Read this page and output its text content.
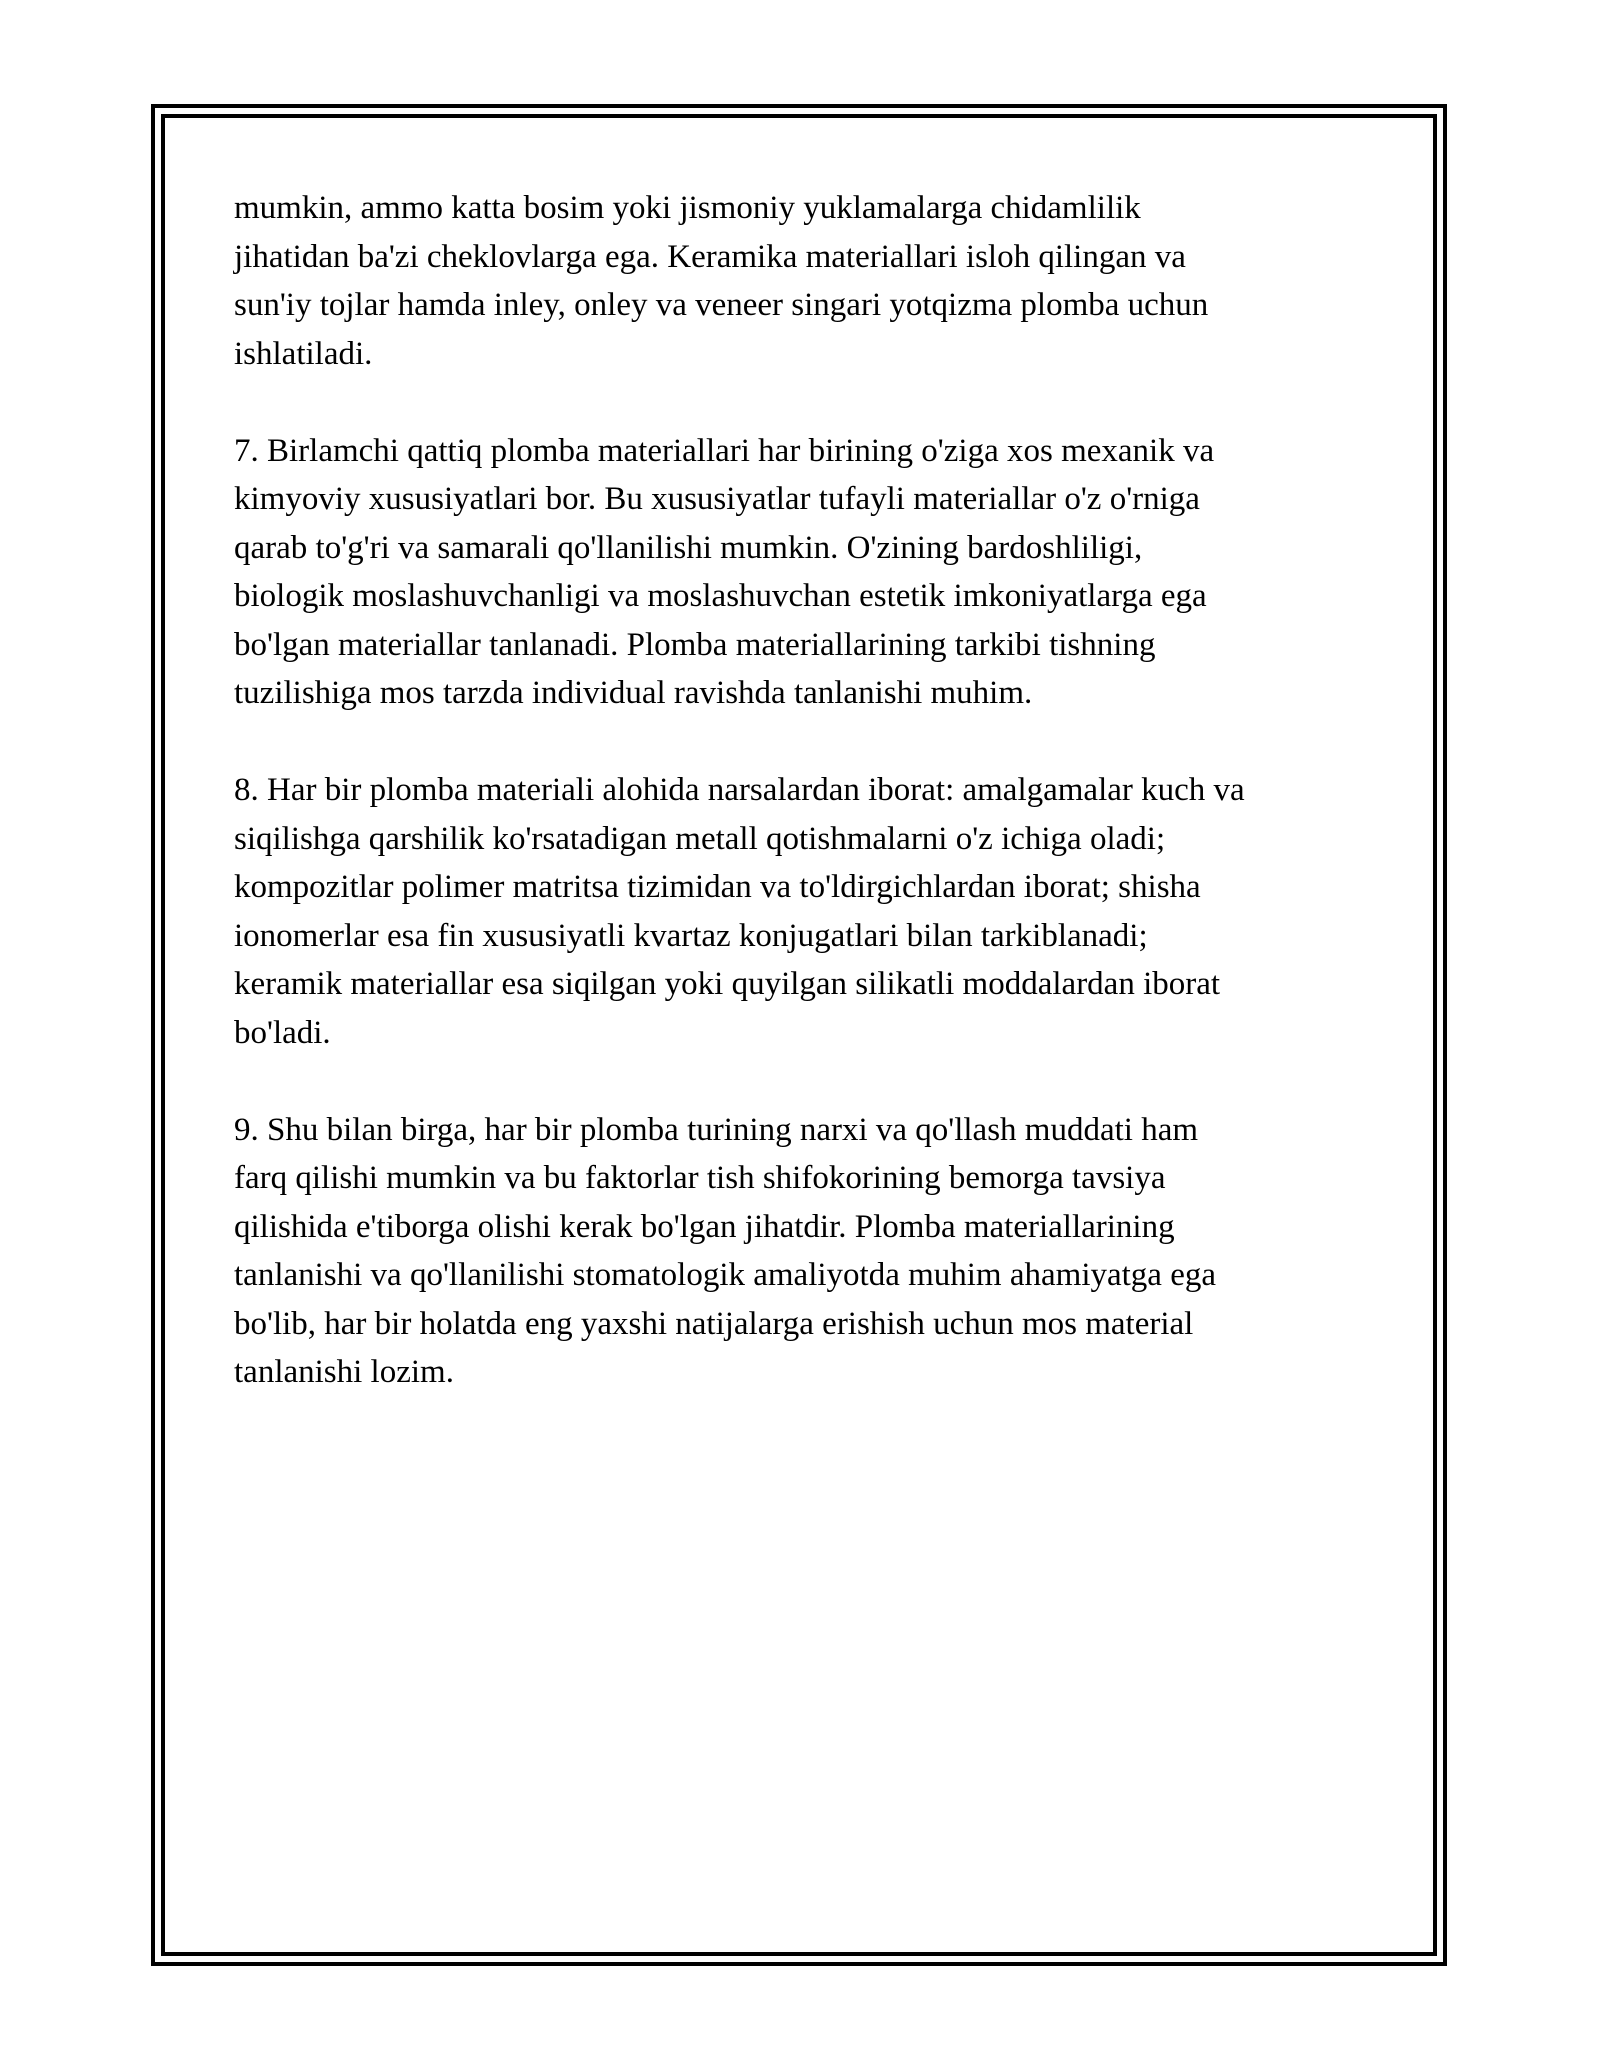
mumkin, ammo katta bosim yoki jismoniy yuklamalarga chidamlilik
jihatidan ba'zi cheklovlarga ega. Keramika materiallari isloh qilingan va
sun'iy tojlar hamda inley, onley va veneer singari yotqizma plomba uchun
ishlatiladi.

7. Birlamchi qattiq plomba materiallari har birining o'ziga xos mexanik va
kimyoviy xususiyatlari bor. Bu xususiyatlar tufayli materiallar o'z o'rniga
qarab to'g'ri va samarali qo'llanilishi mumkin. O'zining bardoshliligi,
biologik moslashuvchanligi va moslashuvchan estetik imkoniyatlarga ega
bo'lgan materiallar tanlanadi. Plomba materiallarining tarkibi tishning
tuzilishiga mos tarzda individual ravishda tanlanishi muhim.

8. Har bir plomba materiali alohida narsalardan iborat: amalgamalar kuch va
siqilishga qarshilik ko'rsatadigan metall qotishmalarni o'z ichiga oladi;
kompozitlar polimer matritsa tizimidan va to'ldirgichlardan iborat; shisha
ionomerlar esa fin xususiyatli kvartaz konjugatlari bilan tarkiblanadi;
keramik materiallar esa siqilgan yoki quyilgan silikatli moddalardan iborat
bo'ladi.

9. Shu bilan birga, har bir plomba turining narxi va qo'llash muddati ham
farq qilishi mumkin va bu faktorlar tish shifokorining bemorga tavsiya
qilishida e'tiborga olishi kerak bo'lgan jihatdir. Plomba materiallarining
tanlanishi va qo'llanilishi stomatologik amaliyotda muhim ahamiyatga ega
bo'lib, har bir holatda eng yaxshi natijalarga erishish uchun mos material
tanlanishi lozim.
